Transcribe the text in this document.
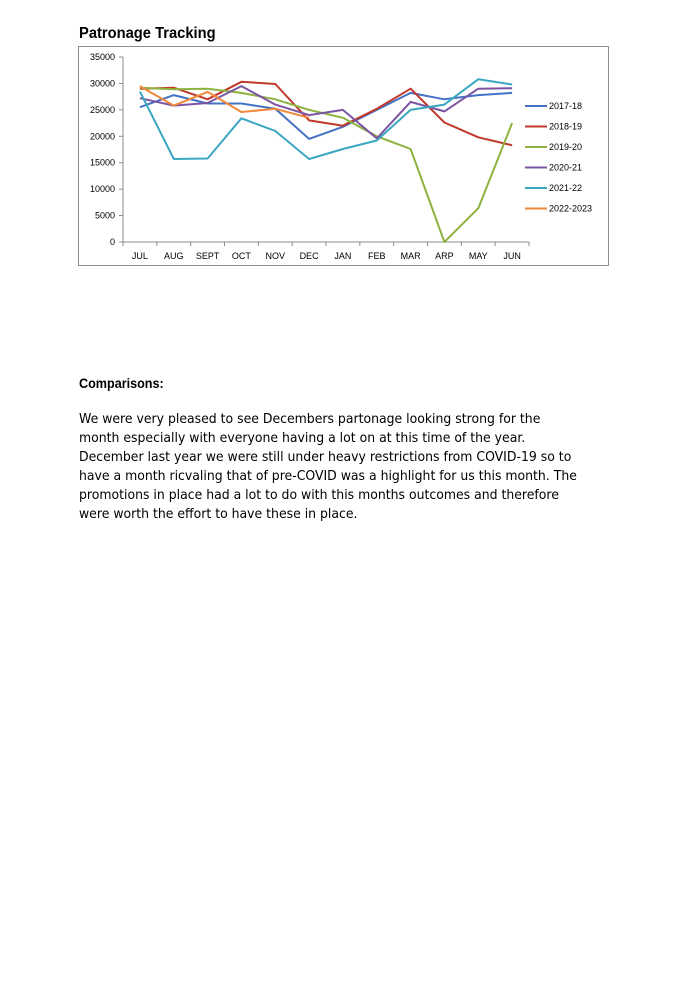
Patronage Tracking
0
5000
10000
15000
20000
25000
30000
35000
JUL AUG SEPT OCT NOV DEC JAN FEB MAR ARP MAY JUN
2017-18
2018-19
2019-20
2020-21
2021-22
2022-2023
Comparisons:
We were very pleased to see Decembers partonage looking strong for the month especially with everyone having a lot on at this time of the year. December last year we were still under heavy restrictions from COVID-19 so to have a month ricvaling that of pre-COVID was a highlight for us this month. The promotions in place had a lot to do with this months outcomes and therefore were worth the effort to have these in place.
